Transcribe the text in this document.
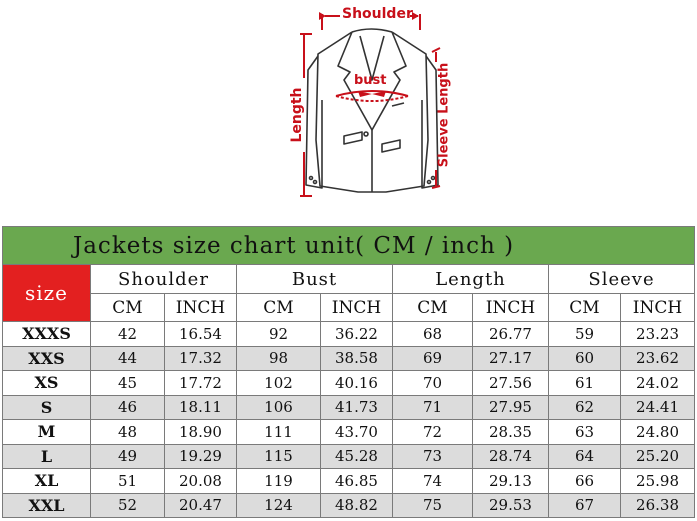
Shoulder
bust
Length	Sleeve Length
Jackets size chart unit( CM / inch )								
size	Shoulder		Bust		Length		Sleeve	
	CM	INCH	CM	INCH	CM	INCH	CM	INCH
XXXS	42	16.54	92	36.22	68	26.77	59	23.23
XXS	44	17.32	98	38.58	69	27.17	60	23.62
XS	45	17.72	102	40.16	70	27.56	61	24.02
S	46	18.11	106	41.73	71	27.95	62	24.41
M	48	18.90	111	43.70	72	28.35	63	24.80
L	49	19.29	115	45.28	73	28.74	64	25.20
XL	51	20.08	119	46.85	74	29.13	66	25.98
XXL	52	20.47	124	48.82	75	29.53	67	26.38
